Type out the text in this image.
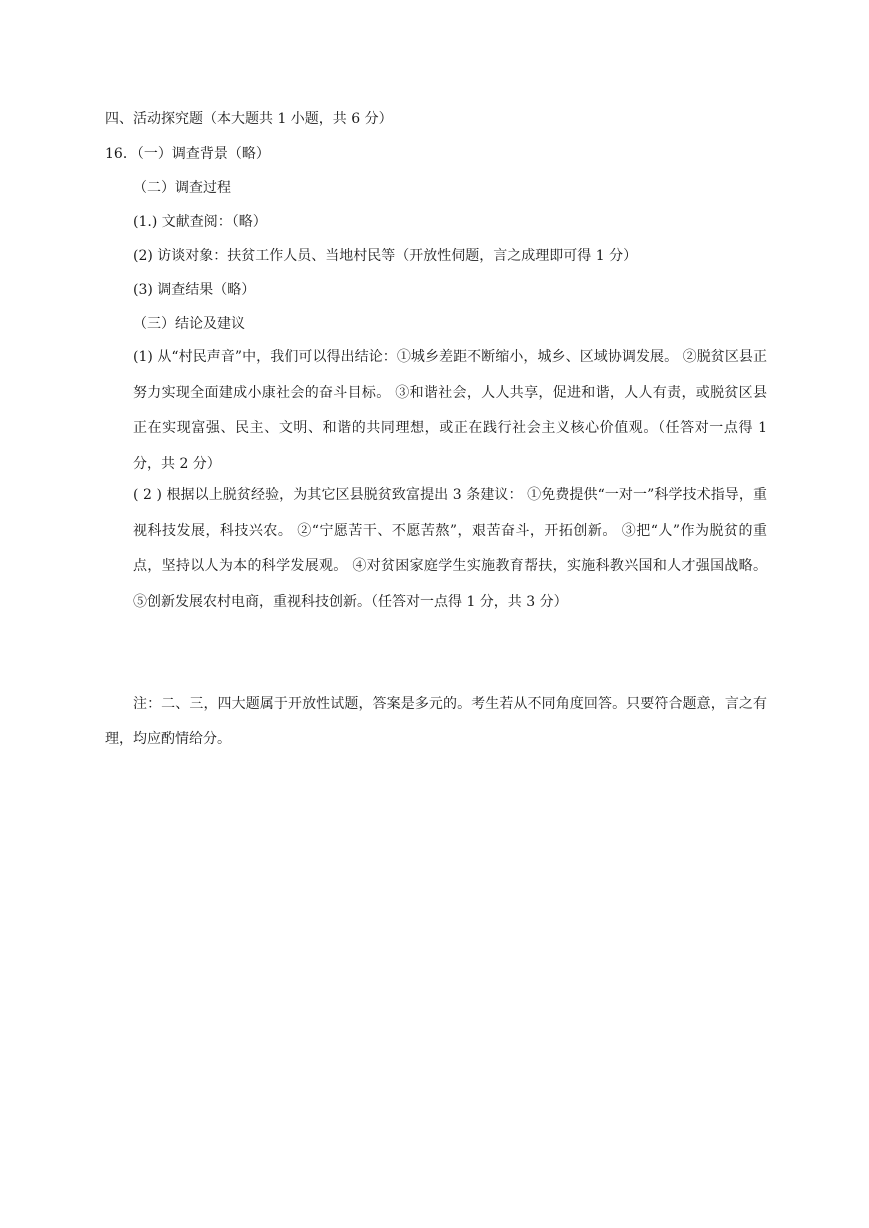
四、活动探究题（本大题共 1 小题，共 6 分）

16．（一）调查背景（略）

（二）调查过程

(1.) 文献查阅：（略）

(2) 访谈对象：扶贫工作人员、当地村民等（开放性伺题，言之成理即可得 1 分）

(3) 调查结果（略）

（三）结论及建议

(1) 从“村民声音”中，我们可以得出结论：①城乡差距不断缩小，城乡、区域协调发展。 ②脱贫区县正努力实现全面建成小康社会的奋斗目标。 ③和谐社会，人人共享，促进和谐，人人有责，或脱贫区县正在实现富强、民主、文明、和谐的共同理想，或正在践行社会主义核心价值观。（任答对一点得 1 分，共 2 分）

( 2 ) 根据以上脱贫经验，为其它区县脱贫致富提出 3 条建议： ①免费提供“一对一”科学技术指导，重视科技发展，科技兴农。 ②“宁愿苦干、不愿苦熬”，艰苦奋斗，开拓创新。 ③把“人”作为脱贫的重点，坚持以人为本的科学发展观。 ④对贫困家庭学生实施教育帮扶，实施科教兴国和人才强国战略。 ⑤创新发展农村电商，重视科技创新。（任答对一点得 1 分，共 3 分）

注：二、三，四大题属于开放性试题，答案是多元的。考生若从不同角度回答。只要符合题意，言之有理，均应酌情给分。
